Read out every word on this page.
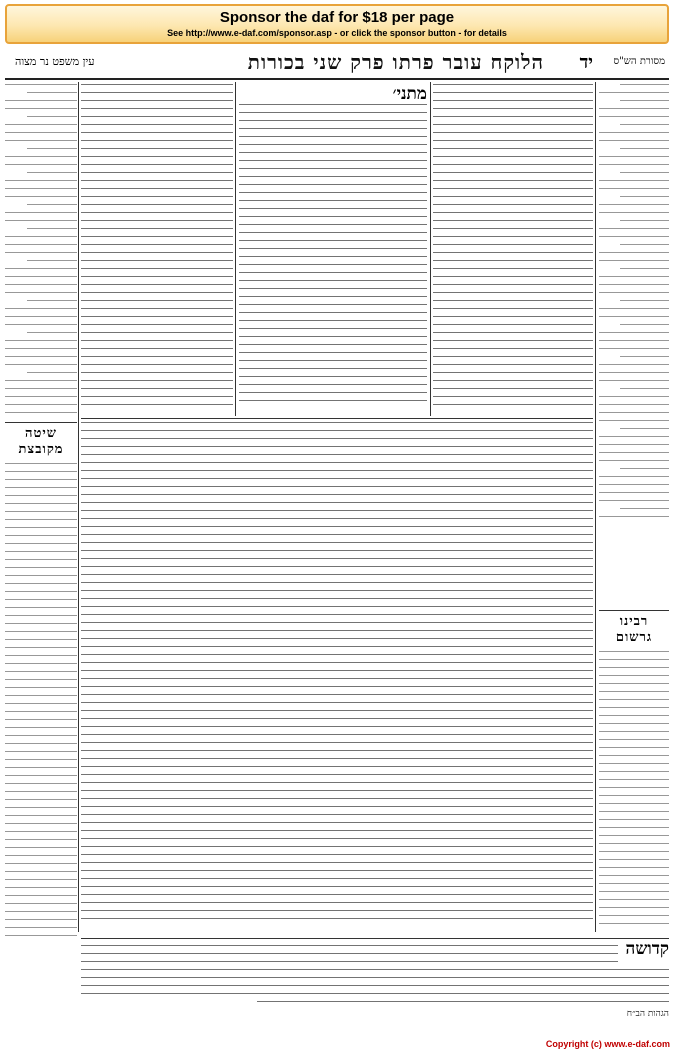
Sponsor the daf for $18 per page
See http://www.e-daf.com/sponsor.asp - or click the sponsor button - for details
עין משפט נר מצוה	יד
הלוקח עובר פרתו פרק שני בכורות	מסורת הש"ס
מתני׳
שיטה מקובצת
רבינו גרשום
קדושה
הגהות הב״ח
Copyright (c) www.e-daf.com
